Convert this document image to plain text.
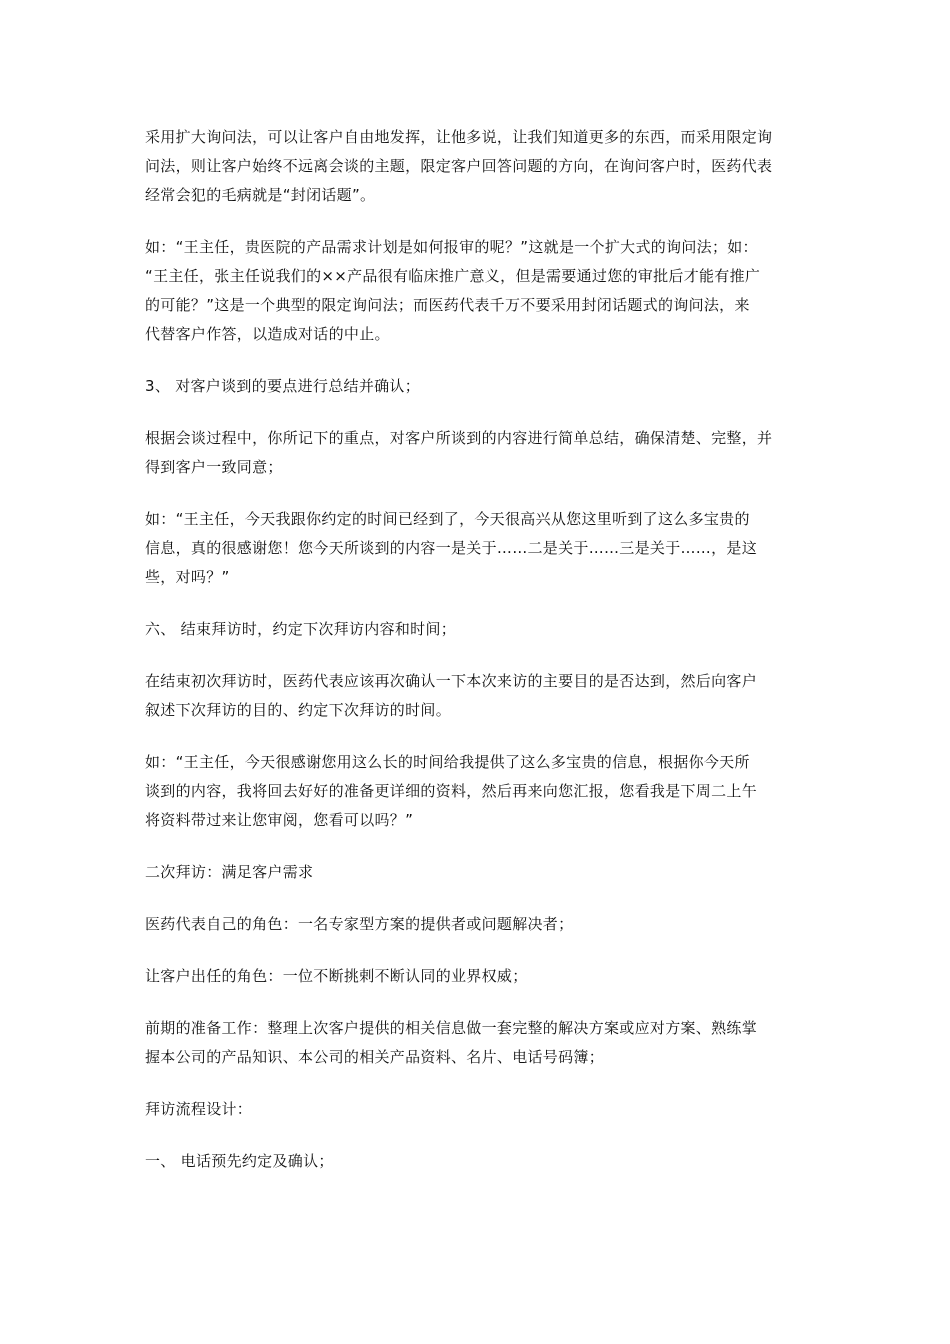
采用扩大询问法，可以让客户自由地发挥，让他多说，让我们知道更多的东西，而采用限定询
问法，则让客户始终不远离会谈的主题，限定客户回答问题的方向，在询问客户时，医药代表
经常会犯的毛病就是“封闭话题”。

如：“王主任，贵医院的产品需求计划是如何报审的呢？”这就是一个扩大式的询问法；如：
“王主任，张主任说我们的××产品很有临床推广意义，但是需要通过您的审批后才能有推广
的可能？”这是一个典型的限定询问法；而医药代表千万不要采用封闭话题式的询问法，来
代替客户作答，以造成对话的中止。

3、 对客户谈到的要点进行总结并确认；

根据会谈过程中，你所记下的重点，对客户所谈到的内容进行简单总结，确保清楚、完整，并
得到客户一致同意；

如：“王主任，今天我跟你约定的时间已经到了，今天很高兴从您这里听到了这么多宝贵的
信息，真的很感谢您！您今天所谈到的内容一是关于……二是关于……三是关于……，是这
些，对吗？”

六、 结束拜访时，约定下次拜访内容和时间；

在结束初次拜访时，医药代表应该再次确认一下本次来访的主要目的是否达到，然后向客户
叙述下次拜访的目的、约定下次拜访的时间。

如：“王主任，今天很感谢您用这么长的时间给我提供了这么多宝贵的信息，根据你今天所
谈到的内容，我将回去好好的准备更详细的资料，然后再来向您汇报，您看我是下周二上午
将资料带过来让您审阅，您看可以吗？”

二次拜访：满足客户需求

医药代表自己的角色：一名专家型方案的提供者或问题解决者；

让客户出任的角色：一位不断挑剌不断认同的业界权威；

前期的准备工作：整理上次客户提供的相关信息做一套完整的解决方案或应对方案、熟练掌
握本公司的产品知识、本公司的相关产品资料、名片、电话号码簿；

拜访流程设计：

一、 电话预先约定及确认；
